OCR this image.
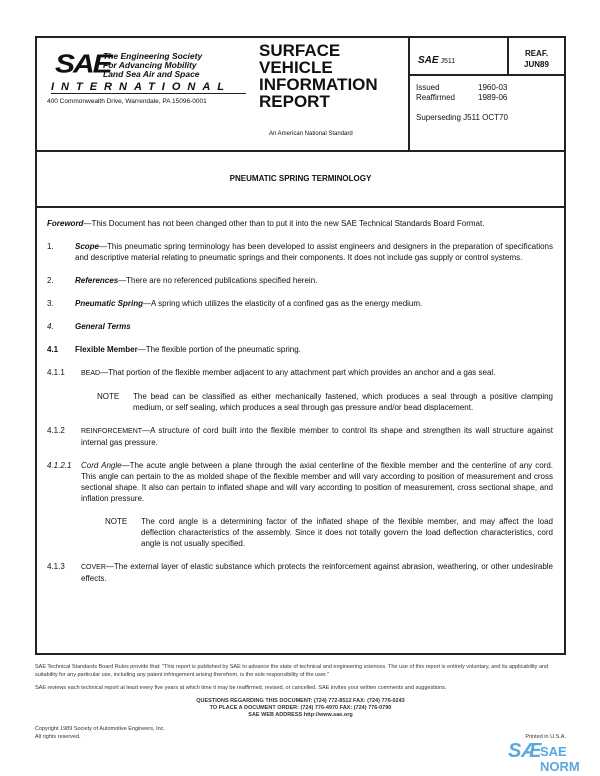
SAE
The Engineering Society
For Advancing Mobility
Land Sea Air and Space
INTERNATIONAL
400 Commonwealth Drive, Warrendale, PA 15096-0001
SURFACE
VEHICLE
INFORMATION
REPORT
An American National Standard
SAE J511
REAF.
JUN89
Issued	1960-03
Reaffirmed	1989-06
Superseding J511 OCT70
PNEUMATIC SPRING TERMINOLOGY
Foreword—This Document has not been changed other than to put it into the new SAE Technical Standards Board Format.
1.	Scope—This pneumatic spring terminology has been developed to assist engineers and designers in the preparation of specifications and descriptive material relating to pneumatic springs and their components. It does not include gas supply or control systems.
2.	References—There are no referenced publications specified herein.
3.	Pneumatic Spring—A spring which utilizes the elasticity of a confined gas as the energy medium.
4.	General Terms
4.1	Flexible Member—The flexible portion of the pneumatic spring.
4.1.1	BEAD—That portion of the flexible member adjacent to any attachment part which provides an anchor and a gas seal.
NOTE	The bead can be classified as either mechanically fastened, which produces a seal through a positive clamping medium, or self sealing, which produces a seal through gas pressure and/or bead displacement.
4.1.2	REINFORCEMENT—A structure of cord built into the flexible member to control its shape and strengthen its wall structure against internal gas pressure.
4.1.2.1	Cord Angle—The acute angle between a plane through the axial centerline of the flexible member and the centerline of any cord. This angle can pertain to the as molded shape of the flexible member and will vary according to position of measurement and cross sectional shape. It also can pertain to inflated shape and will vary according to position of measurement, cross sectional shape, and inflation pressure.
NOTE	The cord angle is a determining factor of the inflated shape of the flexible member, and may affect the load deflection characteristics of the assembly. Since it does not totally govern the load deflection characteristics, cord angle is not usually specified.
4.1.3	COVER—The external layer of elastic substance which protects the reinforcement against abrasion, weathering, or other undesirable effects.
SAE Technical Standards Board Rules provide that: "This report is published by SAE to advance the state of technical and engineering sciences. The use of this report is entirely voluntary, and its applicability and suitability for any particular use, including any patent infringement arising therefrom, is the sole responsibility of the user."
SAE reviews each technical report at least every five years at which time it may be reaffirmed, revised, or cancelled. SAE invites your written comments and suggestions.
QUESTIONS REGARDING THIS DOCUMENT: (724) 772-8512 FAX: (724) 776-0243
TO PLACE A DOCUMENT ORDER: (724) 776-4970 FAX: (724) 776-0790
SAE WEB ADDRESS http://www.sae.org
Copyright 1989 Society of Automotive Engineers, Inc.
All rights reserved.	Printed in U.S.A.
SÆ
SAE NORM
